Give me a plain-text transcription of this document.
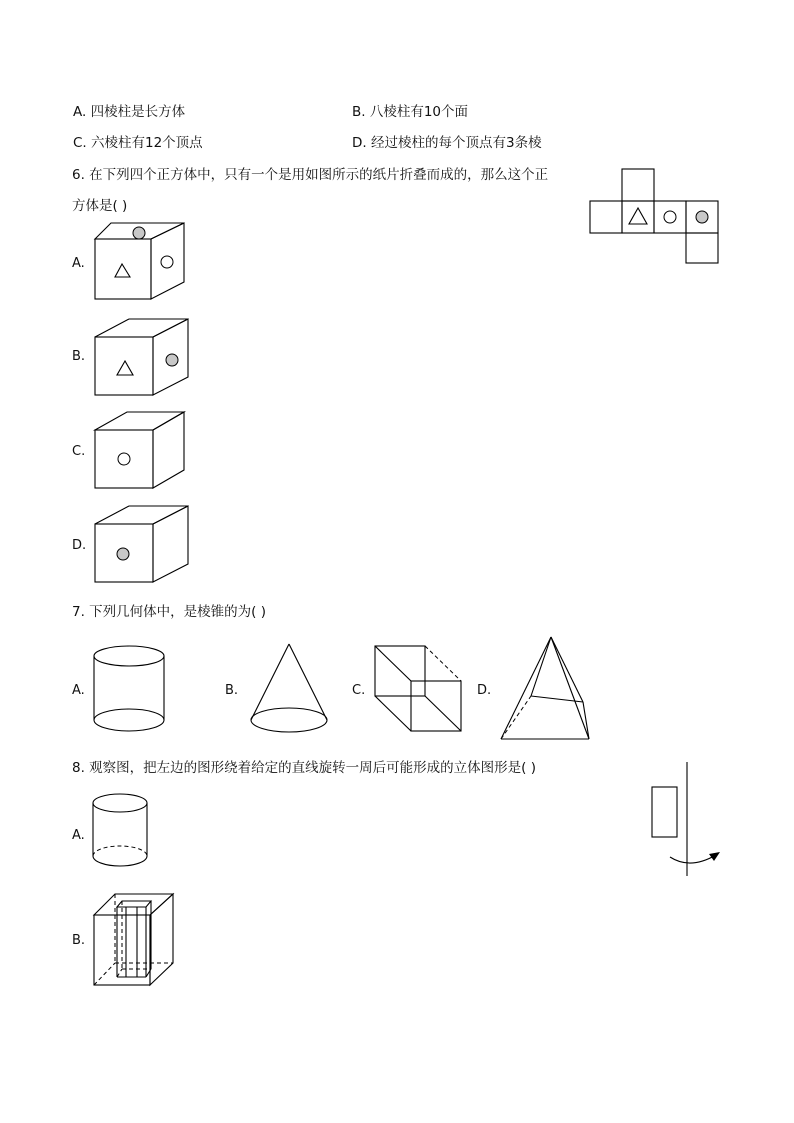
A. 四棱柱是长方体	B. 八棱柱有10个面
C. 六棱柱有12个顶点	D. 经过棱柱的每个顶点有3条棱
6. 在下列四个正方体中，只有一个是用如图所示的纸片折叠而成的，那么这个正
方体是( )
A.
B.
C.
D.
7. 下列几何体中，是棱锥的为( )
A.	B.	C.	D.
8. 观察图，把左边的图形绕着给定的直线旋转一周后可能形成的立体图形是( )
A.
B.
